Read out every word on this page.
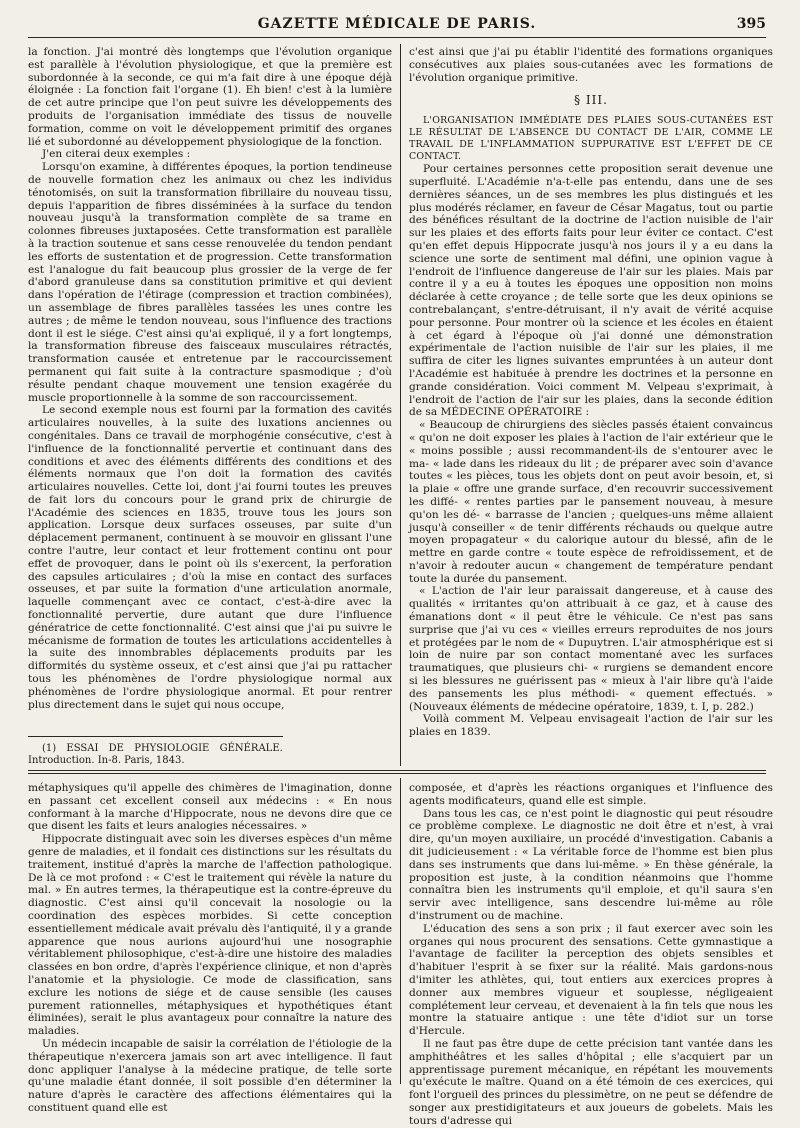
GAZETTE MÉDICALE DE PARIS.	395

la fonction. J'ai montré dès longtemps que l'évolution organique est parallèle à l'évolution physiologique, et que la première est subordonnée à la seconde, ce qui m'a fait dire à une époque déjà éloignée : La fonction fait l'organe (1). Eh bien! c'est à la lumière de cet autre principe que l'on peut suivre les développements des produits de l'organisation immédiate des tissus de nouvelle formation, comme on voit le développement primitif des organes lié et subordonné au développement physiologique de la fonction.

J'en citerai deux exemples :

Lorsqu'on examine, à différentes époques, la portion tendineuse de nouvelle formation chez les animaux ou chez les individus ténotomisés, on suit la transformation fibrillaire du nouveau tissu, depuis l'apparition de fibres disséminées à la surface du tendon nouveau jusqu'à la transformation complète de sa trame en colonnes fibreuses juxtaposées. Cette transformation est parallèle à la traction soutenue et sans cesse renouvelée du tendon pendant les efforts de sustentation et de progression. Cette transformation est l'analogue du fait beaucoup plus grossier de la verge de fer d'abord granuleuse dans sa constitution primitive et qui devient dans l'opération de l'étirage (compression et traction combinées), un assemblage de fibres parallèles tassées les unes contre les autres ; de même le tendon nouveau, sous l'influence des tractions dont il est le siége. C'est ainsi qu'ai expliqué, il y a fort longtemps, la transformation fibreuse des faisceaux musculaires rétractés, transformation causée et entretenue par le raccourcissement permanent qui fait suite à la contracture spasmodique ; d'où résulte pendant chaque mouvement une tension exagérée du muscle proportionnelle à la somme de son raccourcissement.

Le second exemple nous est fourni par la formation des cavités articulaires nouvelles, à la suite des luxations anciennes ou congénitales. Dans ce travail de morphogénie consécutive, c'est à l'influence de la fonctionnalité pervertie et continuant dans des conditions et avec des éléments différents des conditions et des éléments normaux que l'on doit la formation des cavités articulaires nouvelles. Cette loi, dont j'ai fourni toutes les preuves de fait lors du concours pour le grand prix de chirurgie de l'Académie des sciences en 1835, trouve tous les jours son application. Lorsque deux surfaces osseuses, par suite d'un déplacement permanent, continuent à se mouvoir en glissant l'une contre l'autre, leur contact et leur frottement continu ont pour effet de provoquer, dans le point où ils s'exercent, la perforation des capsules articulaires ; d'où la mise en contact des surfaces osseuses, et par suite la formation d'une articulation anormale, laquelle commençant avec ce contact, c'est-à-dire avec la fonctionnalité pervertie, dure autant que dure l'influence génératrice de cette fonctionnalité. C'est ainsi que j'ai pu suivre le mécanisme de formation de toutes les articulations accidentelles à la suite des innombrables déplacements produits par les difformités du système osseux, et c'est ainsi que j'ai pu rattacher tous les phénomènes de l'ordre physiologique normal aux phénomènes de l'ordre physiologique anormal. Et pour rentrer plus directement dans le sujet qui nous occupe,

(1) ESSAI DE PHYSIOLOGIE GÉNÉRALE. Introduction. In-8. Paris, 1843.

c'est ainsi que j'ai pu établir l'identité des formations organiques consécutives aux plaies sous-cutanées avec les formations de l'évolution organique primitive.

§ III.

L'ORGANISATION IMMÉDIATE DES PLAIES SOUS-CUTANÉES EST LE RÉSULTAT DE L'ABSENCE DU CONTACT DE L'AIR, COMME LE TRAVAIL DE L'INFLAMMATION SUPPURATIVE EST L'EFFET DE CE CONTACT.

Pour certaines personnes cette proposition serait devenue une superfluité. L'Académie n'a-t-elle pas entendu, dans une de ses dernières séances, un de ses membres les plus distingués et les plus modérés réclamer, en faveur de César Magatus, tout ou partie des bénéfices résultant de la doctrine de l'action nuisible de l'air sur les plaies et des efforts faits pour leur éviter ce contact. C'est qu'en effet depuis Hippocrate jusqu'à nos jours il y a eu dans la science une sorte de sentiment mal défini, une opinion vague à l'endroit de l'influence dangereuse de l'air sur les plaies. Mais par contre il y a eu à toutes les époques une opposition non moins déclarée à cette croyance ; de telle sorte que les deux opinions se contrebalançant, s'entre-détruisant, il n'y avait de vérité acquise pour personne. Pour montrer où la science et les écoles en étaient à cet égard à l'époque où j'ai donné une démonstration expérimentale de l'action nuisible de l'air sur les plaies, il me suffira de citer les lignes suivantes empruntées à un auteur dont l'Académie est habituée à prendre les doctrines et la personne en grande considération. Voici comment M. Velpeau s'exprimait, à l'endroit de l'action de l'air sur les plaies, dans la seconde édition de sa MÉDECINE OPÉRATOIRE :

« Beaucoup de chirurgiens des siècles passés étaient convaincus « qu'on ne doit exposer les plaies à l'action de l'air extérieur que le « moins possible ; aussi recommandent-ils de s'entourer avec le ma- « lade dans les rideaux du lit ; de préparer avec soin d'avance toutes « les pièces, tous les objets dont on peut avoir besoin, et, si la plaie « offre une grande surface, d'en recouvrir successivement les diffé- « rentes parties par le pansement nouveau, à mesure qu'on les dé- « barrasse de l'ancien ; quelques-uns même allaient jusqu'à conseiller « de tenir différents réchauds ou quelque autre moyen propagateur « du calorique autour du blessé, afin de le mettre en garde contre « toute espèce de refroidissement, et de n'avoir à redouter aucun « changement de température pendant toute la durée du pansement.

« L'action de l'air leur paraissait dangereuse, et à cause des qualités « irritantes qu'on attribuait à ce gaz, et à cause des émanations dont « il peut être le véhicule. Ce n'est pas sans surprise que j'ai vu ces « vieilles erreurs reproduites de nos jours et protégées par le nom de « Dupuytren. L'air atmosphérique est si loin de nuire par son contact momentané avec les surfaces traumatiques, que plusieurs chi- « rurgiens se demandent encore si les blessures ne guérissent pas « mieux à l'air libre qu'à l'aide des pansements les plus méthodi- « quement effectués. » (Nouveaux éléments de médecine opératoire, 1839, t. I, p. 282.)

Voilà comment M. Velpeau envisageait l'action de l'air sur les plaies en 1839.

métaphysiques qu'il appelle des chimères de l'imagination, donne en passant cet excellent conseil aux médecins : « En nous conformant à la marche d'Hippocrate, nous ne devons dire que ce que disent les faits et leurs analogies nécessaires. »

Hippocrate distinguait avec soin les diverses espèces d'un même genre de maladies, et il fondait ces distinctions sur les résultats du traitement, institué d'après la marche de l'affection pathologique. De là ce mot profond : « C'est le traitement qui révèle la nature du mal. » En autres termes, la thérapeutique est la contre-épreuve du diagnostic. C'est ainsi qu'il concevait la nosologie ou la coordination des espèces morbides. Si cette conception essentiellement médicale avait prévalu dès l'antiquité, il y a grande apparence que nous aurions aujourd'hui une nosographie véritablement philosophique, c'est-à-dire une histoire des maladies classées en bon ordre, d'après l'expérience clinique, et non d'après l'anatomie et la physiologie. Ce mode de classification, sans exclure les notions de siége et de cause sensible (les causes purement rationnelles, métaphysiques et hypothétiques étant éliminées), serait le plus avantageux pour connaître la nature des maladies.

Un médecin incapable de saisir la corrélation de l'étiologie de la thérapeutique n'exercera jamais son art avec intelligence. Il faut donc appliquer l'analyse à la médecine pratique, de telle sorte qu'une maladie étant donnée, il soit possible d'en déterminer la nature d'après le caractère des affections élémentaires qui la constituent quand elle est

composée, et d'après les réactions organiques et l'influence des agents modificateurs, quand elle est simple.

Dans tous les cas, ce n'est point le diagnostic qui peut résoudre ce problème complexe. Le diagnostic ne doit être et n'est, à vrai dire, qu'un moyen auxiliaire, un procédé d'investigation. Cabanis a dit judicieusement : « La véritable force de l'homme est bien plus dans ses instruments que dans lui-même. » En thèse générale, la proposition est juste, à la condition néanmoins que l'homme connaîtra bien les instruments qu'il emploie, et qu'il saura s'en servir avec intelligence, sans descendre lui-même au rôle d'instrument ou de machine.

L'éducation des sens a son prix ; il faut exercer avec soin les organes qui nous procurent des sensations. Cette gymnastique a l'avantage de faciliter la perception des objets sensibles et d'habituer l'esprit à se fixer sur la réalité. Mais gardons-nous d'imiter les athlètes, qui, tout entiers aux exercices propres à donner aux membres vigueur et souplesse, négligeaient complétement leur cerveau, et devenaient à la fin tels que nous les montre la statuaire antique : une tête d'idiot sur un torse d'Hercule.

Il ne faut pas être dupe de cette précision tant vantée dans les amphithéâtres et les salles d'hôpital ; elle s'acquiert par un apprentissage purement mécanique, en répétant les mouvements qu'exécute le maître. Quand on a été témoin de ces exercices, qui font l'orgueil des princes du plessimètre, on ne peut se défendre de songer aux prestidigitateurs et aux joueurs de gobelets. Mais les tours d'adresse qui
